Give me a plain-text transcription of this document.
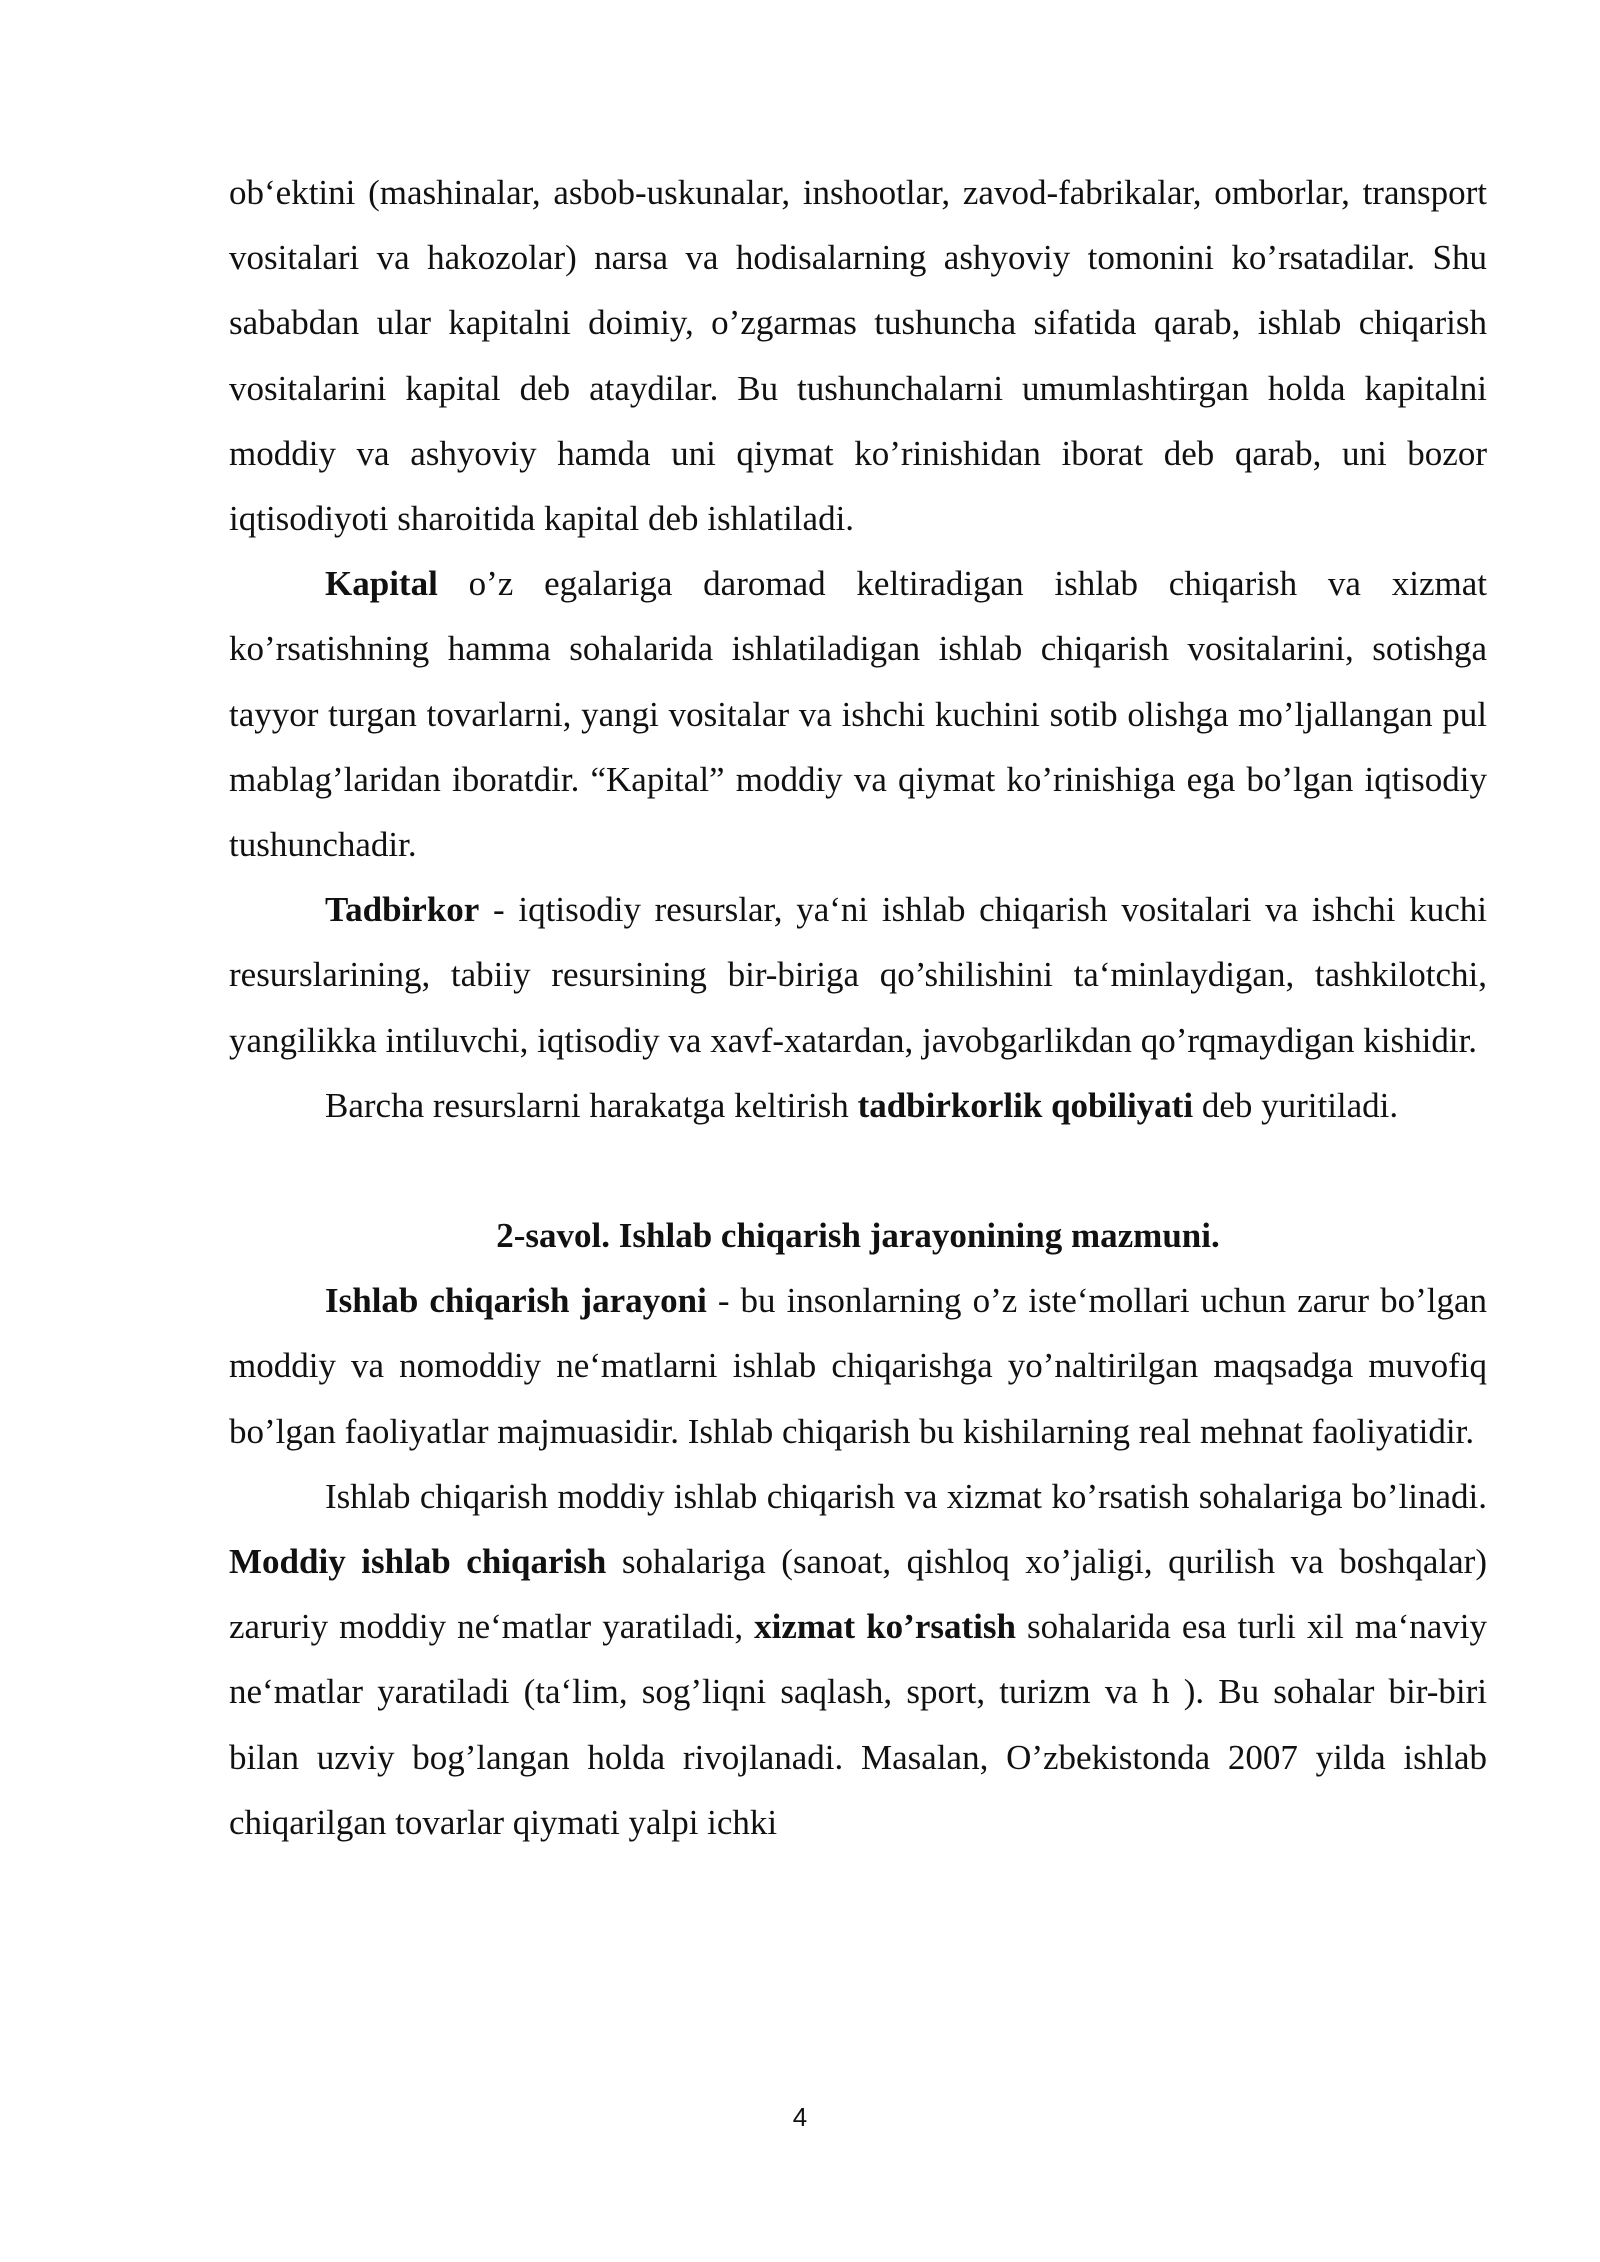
ob‘ektini (mashinalar, asbob-uskunalar, inshootlar, zavod-fabrikalar, omborlar, transport vositalari va hakozolar) narsa va hodisalarning ashyoviy tomonini ko’rsatadilar. Shu sababdan ular kapitalni doimiy, o’zgarmas tushuncha sifatida qarab, ishlab chiqarish vositalarini kapital deb ataydilar. Bu tushunchalarni umumlashtirgan holda kapitalni moddiy va ashyoviy hamda uni qiymat ko’rinishidan iborat deb qarab, uni bozor iqtisodiyoti sharoitida kapital deb ishlatiladi.

Kapital o’z egalariga daromad keltiradigan ishlab chiqarish va xizmat ko’rsatishning hamma sohalarida ishlatiladigan ishlab chiqarish vositalarini, sotishga tayyor turgan tovarlarni, yangi vositalar va ishchi kuchini sotib olishga mo’ljallangan pul mablag’laridan iboratdir. “Kapital” moddiy va qiymat ko’rinishiga ega bo’lgan iqtisodiy tushunchadir.

Tadbirkor - iqtisodiy resurslar, ya‘ni ishlab chiqarish vositalari va ishchi kuchi resurslarining, tabiiy resursining bir-biriga qo’shilishini ta‘minlaydigan, tashkilotchi, yangilikka intiluvchi, iqtisodiy va xavf-xatardan, javobgarlikdan qo’rqmaydigan kishidir.

Barcha resurslarni harakatga keltirish tadbirkorlik qobiliyati deb yuritiladi.

2-savol. Ishlab chiqarish jarayonining mazmuni.

Ishlab chiqarish jarayoni - bu insonlarning o’z iste‘mollari uchun zarur bo’lgan moddiy va nomoddiy ne‘matlarni ishlab chiqarishga yo’naltirilgan maqsadga muvofiq bo’lgan faoliyatlar majmuasidir. Ishlab chiqarish bu kishilarning real mehnat faoliyatidir.

Ishlab chiqarish moddiy ishlab chiqarish va xizmat ko’rsatish sohalariga bo’linadi. Moddiy ishlab chiqarish sohalariga (sanoat, qishloq xo’jaligi, qurilish va boshqalar) zaruriy moddiy ne‘matlar yaratiladi, xizmat ko’rsatish sohalarida esa turli xil ma‘naviy ne‘matlar yaratiladi (ta‘lim, sog’liqni saqlash, sport, turizm va h ). Bu sohalar bir-biri bilan uzviy bog’langan holda rivojlanadi. Masalan, O’zbekistonda 2007 yilda ishlab chiqarilgan tovarlar qiymati yalpi ichki

4
